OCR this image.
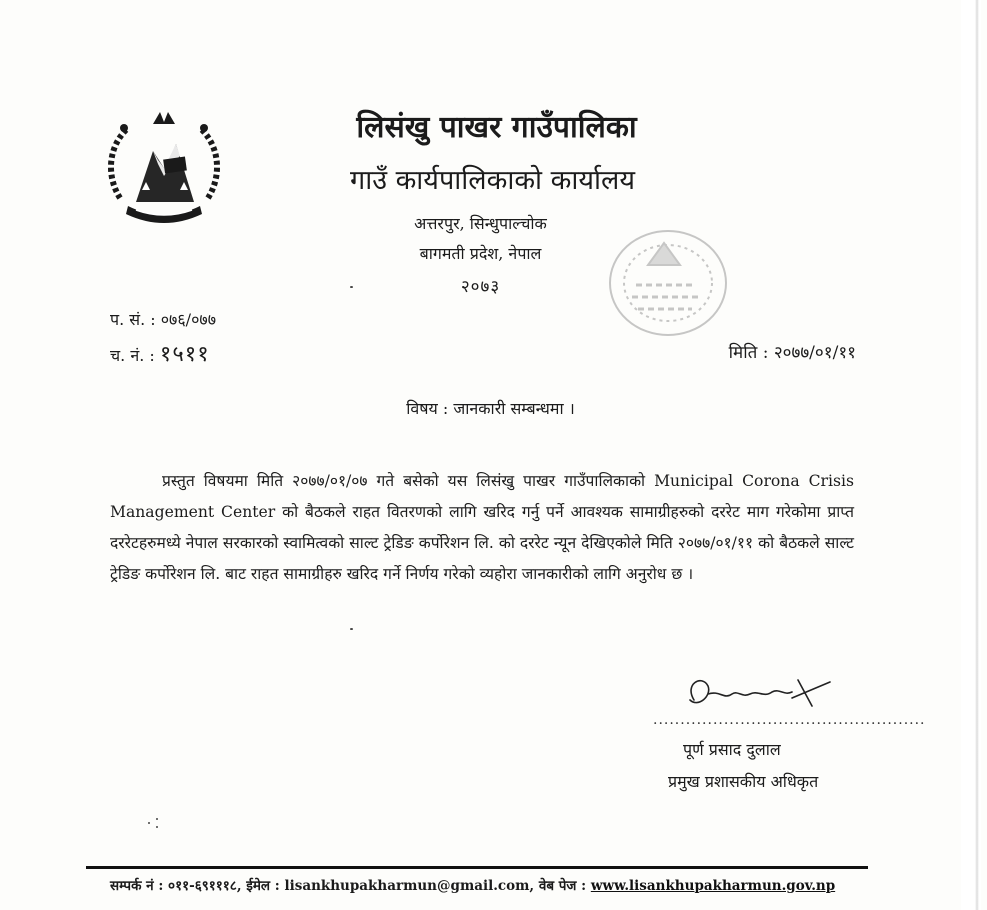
लिसंखु पाखर गाउँपालिका
गाउँ कार्यपालिकाको कार्यालय
अत्तरपुर, सिन्धुपाल्चोक
बागमती प्रदेश, नेपाल
२०७३
प. सं. : ०७६/०७७
च. नं. : १५११	मिति : २०७७/०१/११
विषय : जानकारी सम्बन्धमा ।
प्रस्तुत विषयमा मिति २०७७/०१/०७ गते बसेको यस लिसंखु पाखर गाउँपालिकाको Municipal Corona Crisis Management Center को बैठकले राहत वितरणको लागि खरिद गर्नु पर्ने आवश्यक सामाग्रीहरुको दररेट माग गरेकोमा प्राप्त दररेटहरुमध्ये नेपाल सरकारको स्वामित्वको साल्ट ट्रेडिङ कर्पोरेशन लि. को दररेट न्यून देखिएकोले मिति २०७७/०१/११ को बैठकले साल्ट ट्रेडिङ कर्पोरेशन लि. बाट राहत सामाग्रीहरु खरिद गर्ने निर्णय गरेको व्यहोरा जानकारीको लागि अनुरोध छ ।
..................................................
पूर्ण प्रसाद दुलाल
प्रमुख प्रशासकीय अधिकृत
सम्पर्क नं : ०११-६९१११८, ईमेल : lisankhupakharmun@gmail.com, वेब पेज : www.lisankhupakharmun.gov.np
